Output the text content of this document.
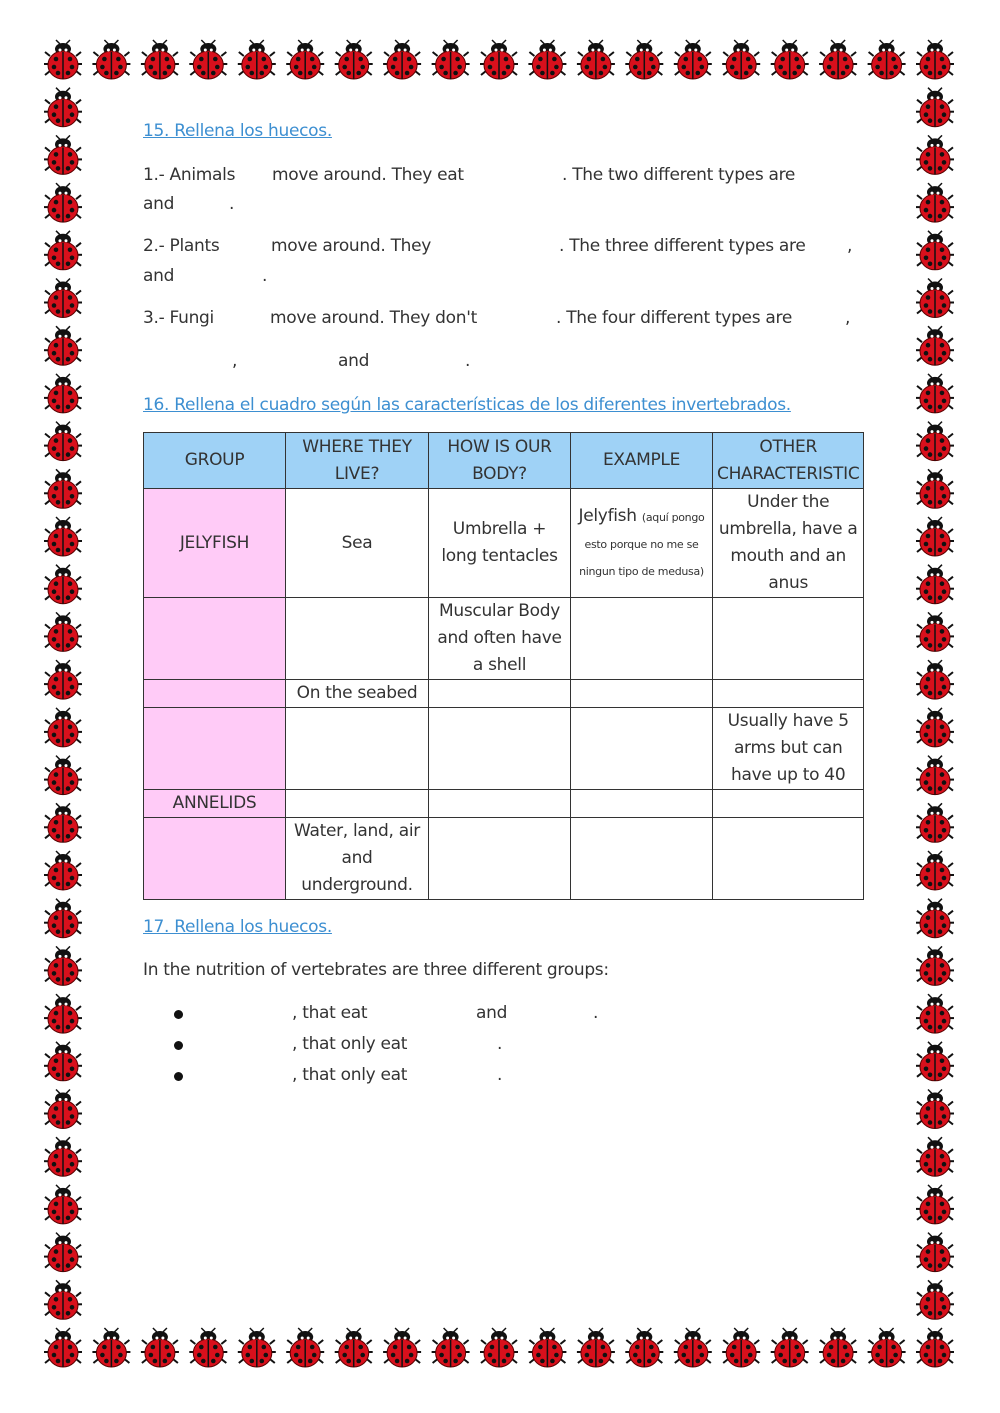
15. Rellena los huecos.
1.- Animals move around. They eat	. The two different types are
and	.
2.- Plants	move around. They	. The three different types are ,
and	.
3.- Fungi	move around. They don't	. The four different types are	,
,	and	.
16. Rellena el cuadro según las características de los diferentes invertebrados.
GROUP	WHERE THEY LIVE?	HOW IS OUR BODY?	EXAMPLE	OTHER CHARACTERISTIC
JELYFISH	Sea	Umbrella + long tentacles	Jelyfish (aquí pongo esto porque no me se ningun tipo de medusa)	Under the umbrella, have a mouth and an anus
		Muscular Body and often have a shell		
	On the seabed			
				Usually have 5 arms but can have up to 40
ANNELIDS				
	Water, land, air and underground.			
17. Rellena los huecos.
In the nutrition of vertebrates are three different groups:
, that eat	and	.
, that only eat	.
, that only eat	.
